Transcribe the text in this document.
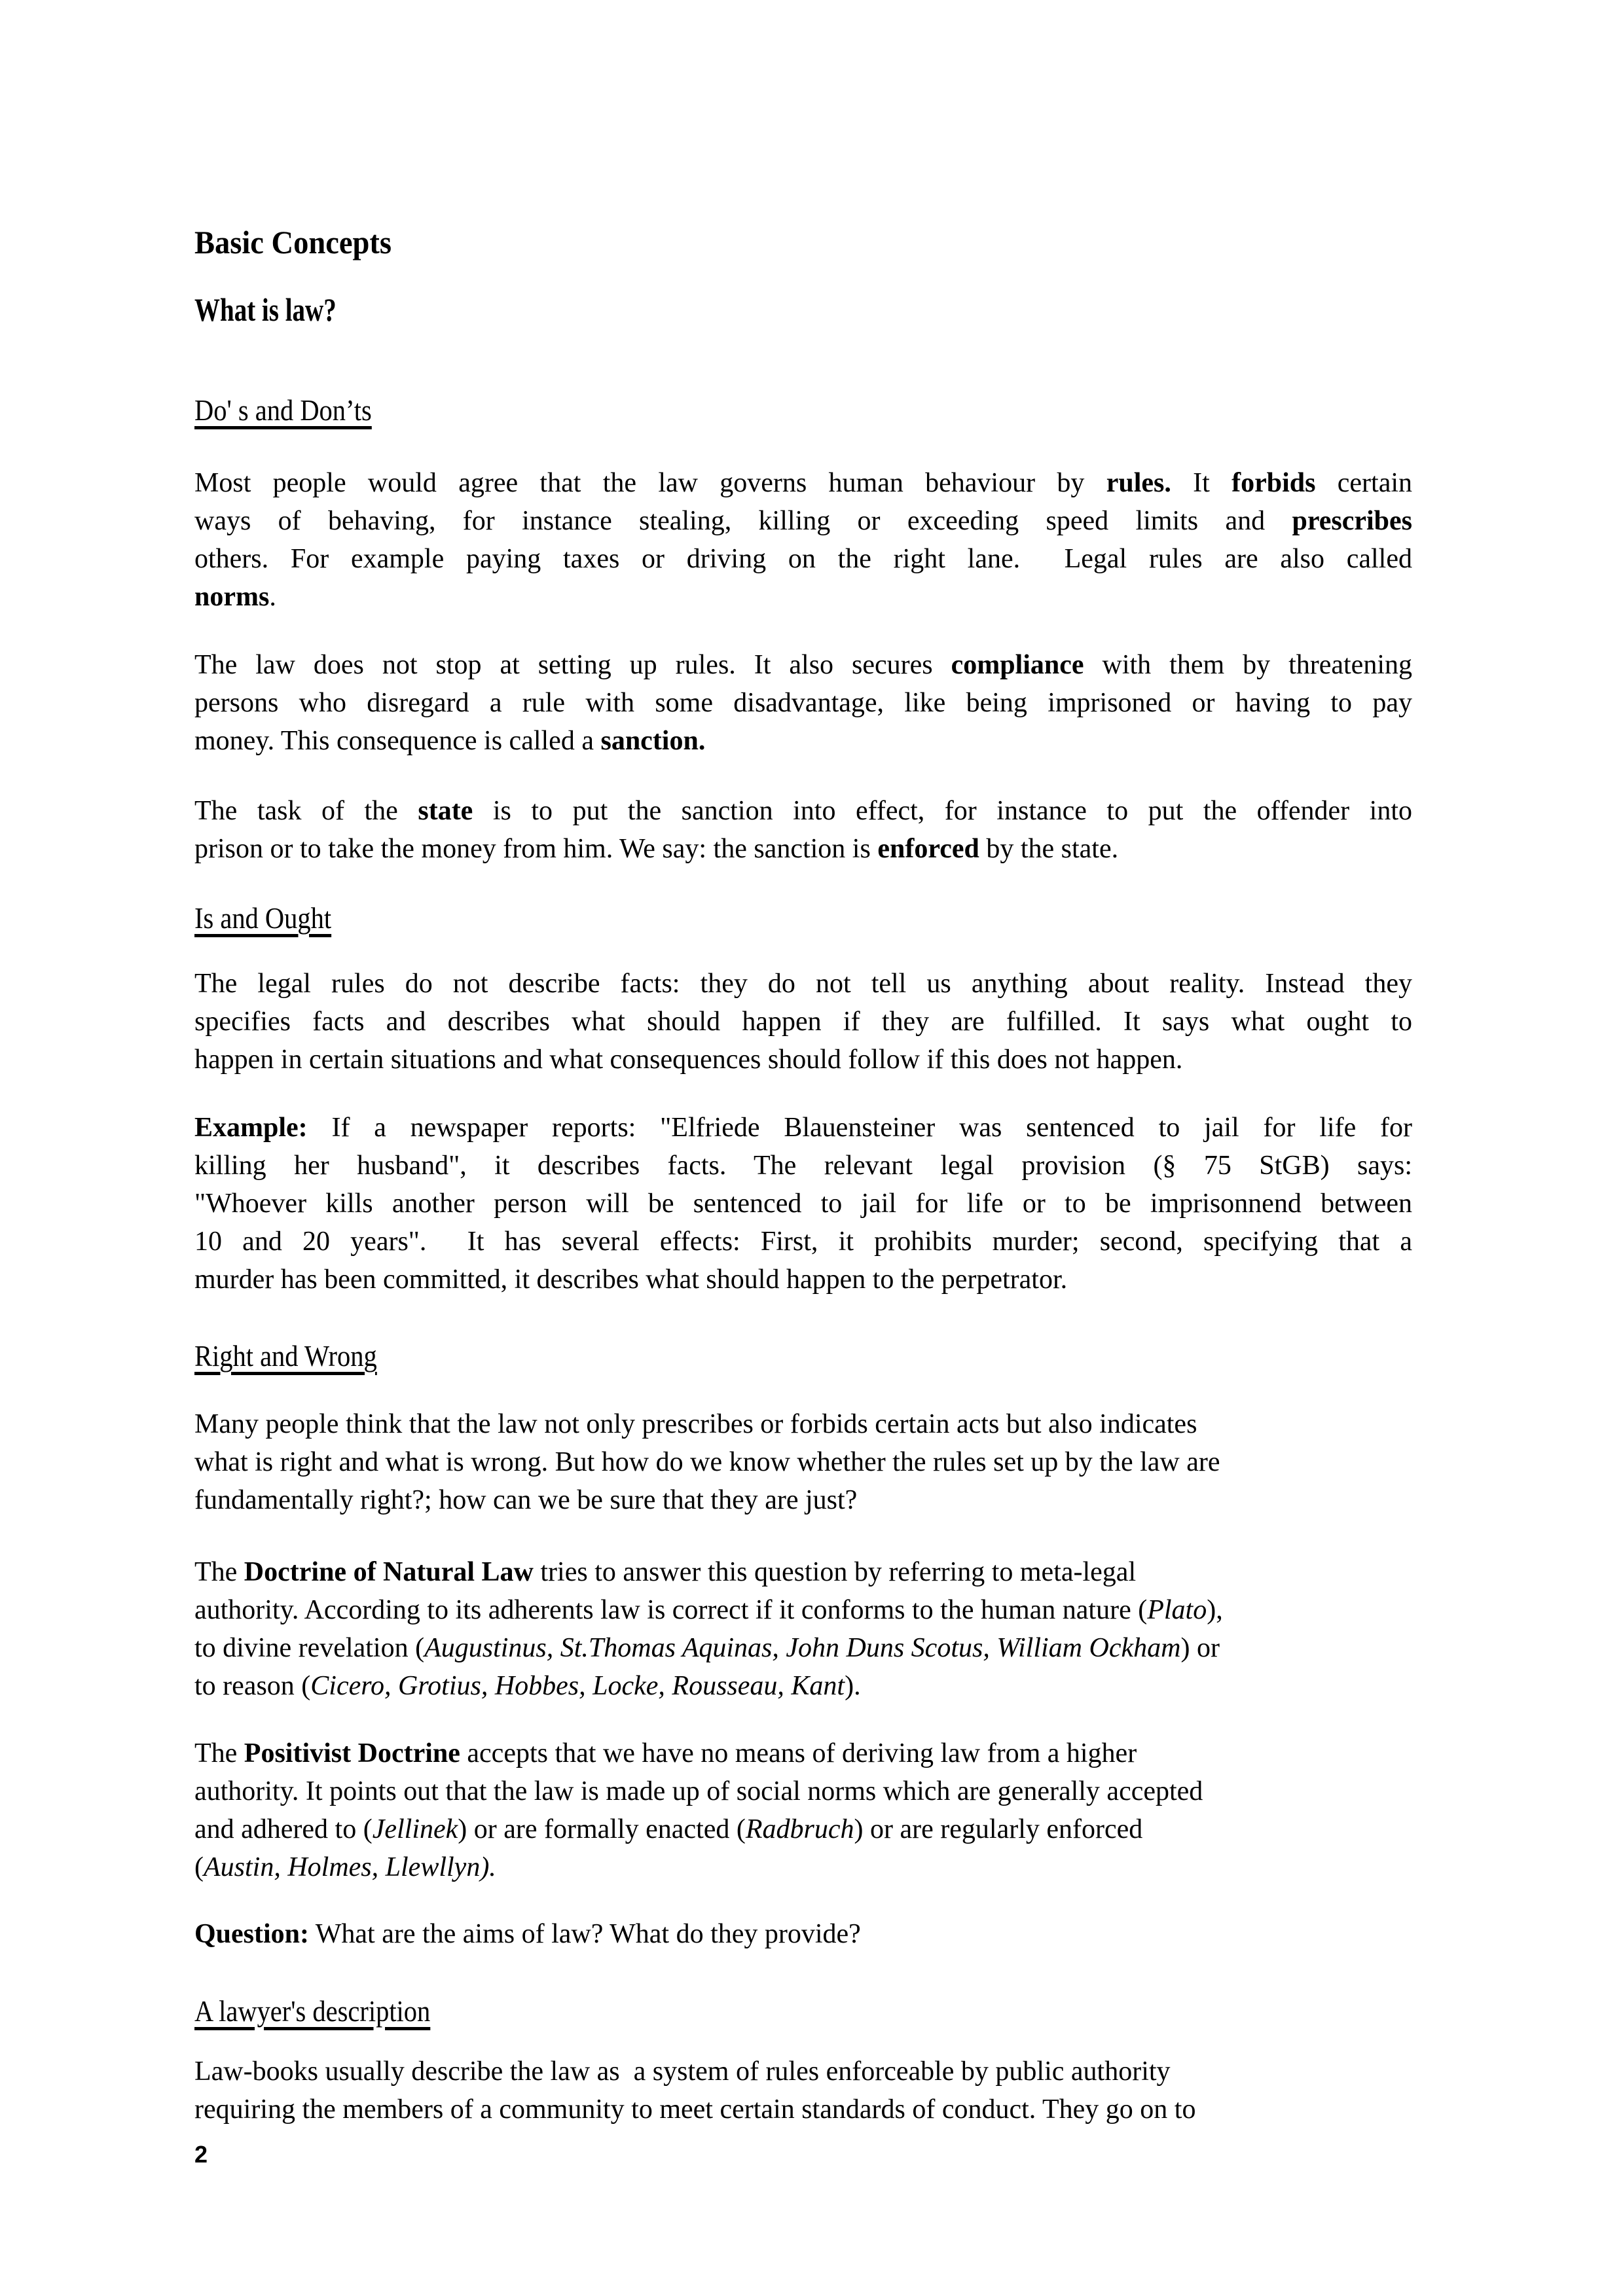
Basic Concepts
What is law?
Do' s and Don’ts
Most people would agree that the law governs human behaviour by rules. It forbids certain
ways of behaving, for instance stealing, killing or exceeding speed limits and prescribes
others. For example paying taxes or driving on the right lane.  Legal rules are also called
norms.
The law does not stop at setting up rules. It also secures compliance with them by threatening
persons who disregard a rule with some disadvantage, like being imprisoned or having to pay
money. This consequence is called a sanction.
The task of the state is to put the sanction into effect, for instance to put the offender into
prison or to take the money from him. We say: the sanction is enforced by the state.
Is and Ought
The legal rules do not describe facts: they do not tell us anything about reality. Instead they
specifies facts and describes what should happen if they are fulfilled. It says what ought to
happen in certain situations and what consequences should follow if this does not happen.
Example: If a newspaper reports: "Elfriede Blauensteiner was sentenced to jail for life for
killing her husband", it describes facts. The relevant legal provision (§ 75 StGB) says:
"Whoever kills another person will be sentenced to jail for life or to be imprisonnend between
10 and 20 years".  It has several effects: First, it prohibits murder; second, specifying that a
murder has been committed, it describes what should happen to the perpetrator.
Right and Wrong
Many people think that the law not only prescribes or forbids certain acts but also indicates
what is right and what is wrong. But how do we know whether the rules set up by the law are
fundamentally right?; how can we be sure that they are just?
The Doctrine of Natural Law tries to answer this question by referring to meta-legal
authority. According to its adherents law is correct if it conforms to the human nature (Plato),
to divine revelation (Augustinus, St.Thomas Aquinas, John Duns Scotus, William Ockham) or
to reason (Cicero, Grotius, Hobbes, Locke, Rousseau, Kant).
The Positivist Doctrine accepts that we have no means of deriving law from a higher
authority. It points out that the law is made up of social norms which are generally accepted
and adhered to (Jellinek) or are formally enacted (Radbruch) or are regularly enforced
(Austin, Holmes, Llewllyn).
Question: What are the aims of law? What do they provide?
A lawyer's description
Law-books usually describe the law as  a system of rules enforceable by public authority
requiring the members of a community to meet certain standards of conduct. They go on to
2
